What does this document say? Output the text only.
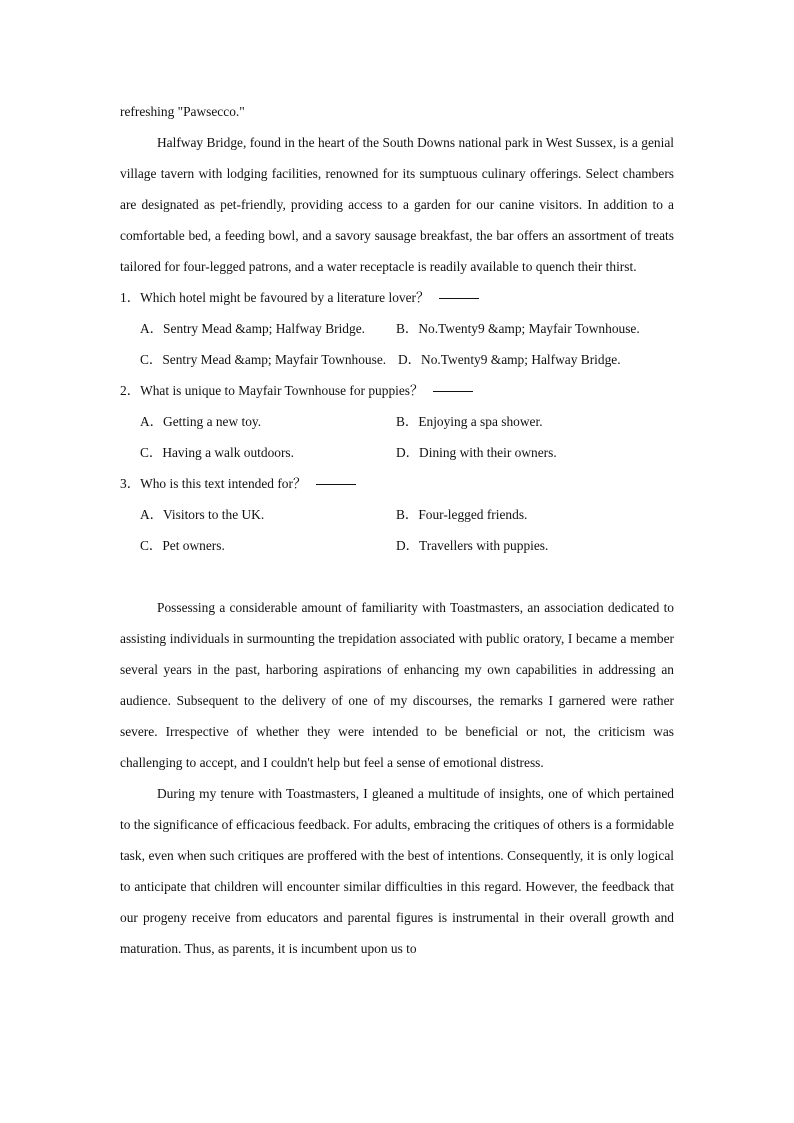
refreshing "Pawsecco."

Halfway Bridge, found in the heart of the South Downs national park in West Sussex, is a genial village tavern with lodging facilities, renowned for its sumptuous culinary offerings. Select chambers are designated as pet-friendly, providing access to a garden for our canine visitors. In addition to a comfortable bed, a feeding bowl, and a savory sausage breakfast, the bar offers an assortment of treats tailored for four-legged patrons, and a water receptacle is readily available to quench their thirst.

1．Which hotel might be favoured by a literature lover？
A．Sentry Mead &amp; Halfway Bridge. B．No.Twenty9 &amp; Mayfair Townhouse.
C．Sentry Mead &amp; Mayfair Townhouse. D．No.Twenty9 &amp; Halfway Bridge.
2．What is unique to Mayfair Townhouse for puppies？
A．Getting a new toy.	B．Enjoying a spa shower.
C．Having a walk outdoors.	D．Dining with their owners.
3．Who is this text intended for？
A．Visitors to the UK.	B．Four-legged friends.
C．Pet owners.	D．Travellers with puppies.

Possessing a considerable amount of familiarity with Toastmasters, an association dedicated to assisting individuals in surmounting the trepidation associated with public oratory, I became a member several years in the past, harboring aspirations of enhancing my own capabilities in addressing an audience. Subsequent to the delivery of one of my discourses, the remarks I garnered were rather severe. Irrespective of whether they were intended to be beneficial or not, the criticism was challenging to accept, and I couldn't help but feel a sense of emotional distress.

During my tenure with Toastmasters, I gleaned a multitude of insights, one of which pertained to the significance of efficacious feedback. For adults, embracing the critiques of others is a formidable task, even when such critiques are proffered with the best of intentions. Consequently, it is only logical to anticipate that children will encounter similar difficulties in this regard. However, the feedback that our progeny receive from educators and parental figures is instrumental in their overall growth and maturation. Thus, as parents, it is incumbent upon us to
